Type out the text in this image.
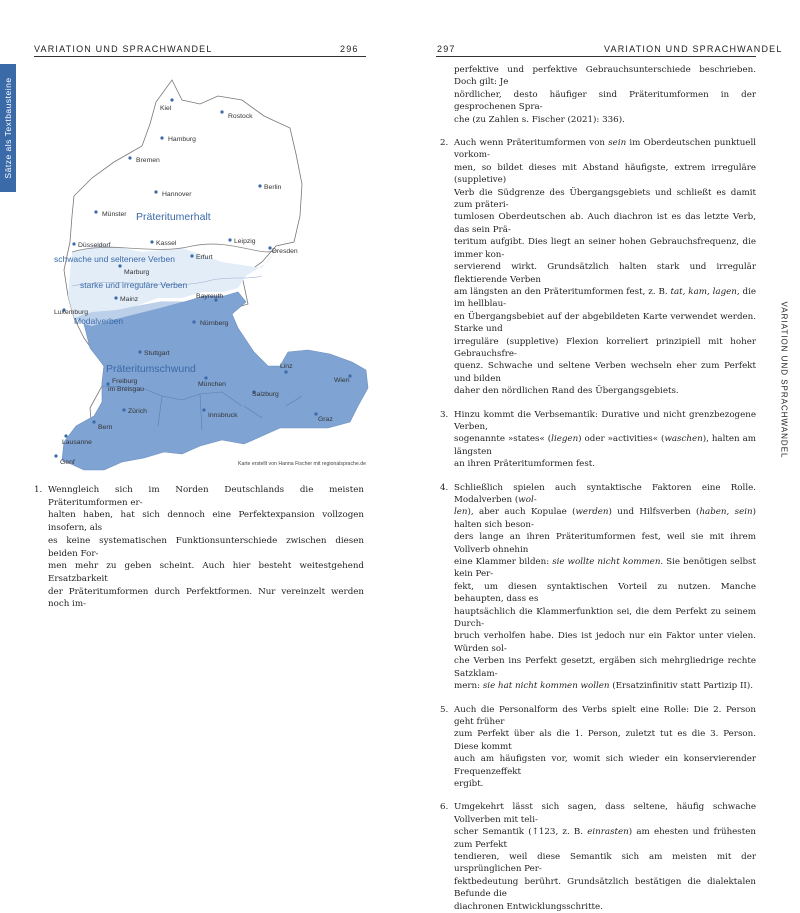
VARIATION UND SPRACHWANDEL	296	297	VARIATION UND SPRACHWANDEL
Sätze als Textbausteine
VARIATION UND SPRACHWANDEL
Kiel
Rostock
Hamburg
Bremen
Hannover
Berlin
Münster Präteritumerhalt
Kassel
Düsseldorf
Leipzig
Dresden
Erfurt
schwache und seltenere Verben
Marburg
starke und irreguläre Verben
Mainz	Bayreuth
Luxemburg
Modalverben	Nürnberg
Stuttgart
Linz
Präteritumschwund
Wien
Freiburg
im Breisgau
München
Salzburg
Zürich
Innsbruck
Bern
Graz
Lausanne
Genf	Karte erstellt von Hanna Fischer mit regionalsprache.de
1. Wenngleich sich im Norden Deutschlands die meisten Präteritumformen er-
halten haben, hat sich dennoch eine Perfektexpansion vollzogen insofern, als
es keine systematischen Funktionsunterschiede zwischen diesen beiden For-
men mehr zu geben scheint. Auch hier besteht weitestgehend Ersatzbarkeit
der Präteritumformen durch Perfektformen. Nur vereinzelt werden noch im-
perfektive und perfektive Gebrauchsunterschiede beschrieben. Doch gilt: Je
nördlicher, desto häufiger sind Präteritumformen in der gesprochenen Spra-
che (zu Zahlen s. Fischer (2021): 336).
2. Auch wenn Präteritumformen von sein im Oberdeutschen punktuell vorkom-
men, so bildet dieses mit Abstand häufigste, extrem irreguläre (suppletive)
Verb die Südgrenze des Übergangsgebiets und schließt es damit zum präteri-
tumlosen Oberdeutschen ab. Auch diachron ist es das letzte Verb, das sein Prä-
teritum aufgibt. Dies liegt an seiner hohen Gebrauchsfrequenz, die immer kon-
servierend wirkt. Grundsätzlich halten stark und irregulär flektierende Verben
am längsten an den Präteritumformen fest, z. B. tat, kam, lagen, die im hellblau-
en Übergangsbebiet auf der abgebildeten Karte verwendet werden. Starke und
irreguläre (suppletive) Flexion korreliert prinzipiell mit hoher Gebrauchsfre-
quenz. Schwache und seltene Verben wechseln eher zum Perfekt und bilden
daher den nördlichen Rand des Übergangsgebiets.
3. Hinzu kommt die Verbsemantik: Durative und nicht grenzbezogene Verben,
sogenannte »states« (liegen) oder »activities« (waschen), halten am längsten
an ihren Präteritumformen fest.
4. Schließlich spielen auch syntaktische Faktoren eine Rolle. Modalverben (wol-
len), aber auch Kopulae (werden) und Hilfsverben (haben, sein) halten sich beson-
ders lange an ihren Präteritumformen fest, weil sie mit ihrem Vollverb ohnehin
eine Klammer bilden: sie wollte nicht kommen. Sie benötigen selbst kein Per-
fekt, um diesen syntaktischen Vorteil zu nutzen. Manche behaupten, dass es
hauptsächlich die Klammerfunktion sei, die dem Perfekt zu seinem Durch-
bruch verholfen habe. Dies ist jedoch nur ein Faktor unter vielen. Würden sol-
che Verben ins Perfekt gesetzt, ergäben sich mehrgliedrige rechte Satzklam-
mern: sie hat nicht kommen wollen (Ersatzinfinitiv statt Partizip II).
5. Auch die Personalform des Verbs spielt eine Rolle: Die 2. Person geht früher
zum Perfekt über als die 1. Person, zuletzt tut es die 3. Person. Diese kommt
auch am häufigsten vor, womit sich wieder ein konservierender Frequenzeffekt
ergibt.
6. Umgekehrt lässt sich sagen, dass seltene, häufig schwache Vollverben mit teli-
scher Semantik (↑123, z. B. einrasten) am ehesten und frühesten zum Perfekt
tendieren, weil diese Semantik sich am meisten mit der ursprünglichen Per-
fektbedeutung berührt. Grundsätzlich bestätigen die dialektalen Befunde die
diachronen Entwicklungsschritte.
